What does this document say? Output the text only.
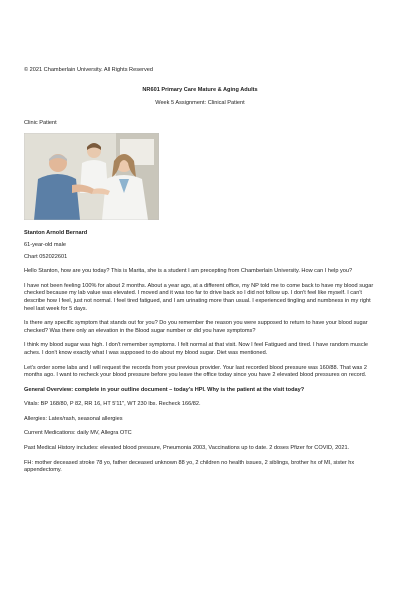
© 2021 Chamberlain University. All Rights Reserved

NR601 Primary Care Mature & Aging Adults

Week 5 Assignment: Clinical Patient

Clinic Patient

Stanton Arnold Bernard

61-year-old male

Chart 052022601

Hello Stanton, how are you today? This is Marita, she is a student I am precepting from Chamberlain University. How can I help you?

I have not been feeling 100% for about 2 months. About a year ago, at a different office, my NP told me to come back to have my blood sugar checked because my lab value was elevated. I moved and it was too far to drive back so I did not follow up. I don't feel like myself. I can't describe how I feel, just not normal. I feel tired fatigued, and I am urinating more than usual. I experienced tingling and numbness in my right heel last week for 5 days.

Is there any specific symptom that stands out for you? Do you remember the reason you were supposed to return to have your blood sugar checked? Was there only an elevation in the Blood sugar number or did you have symptoms?

I think my blood sugar was high. I don't remember symptoms. I felt normal at that visit. Now I feel Fatigued and tired. I have random muscle aches. I don't know exactly what I was supposed to do about my blood sugar. Diet was mentioned.

Let's order some labs and I will request the records from your previous provider. Your last recorded blood pressure was 160/88. That was 2 months ago. I want to recheck your blood pressure before you leave the office today since you have 2 elevated blood pressures on record.

General Overview: complete in your outline document – today's HPI. Why is the patient at the visit today?

Vitals: BP 168/80, P 82, RR 16, HT 5'11", WT 230 lbs. Recheck 166/82.

Allergies: Latex/rash, seasonal allergies

Current Medications: daily MV, Allegra OTC

Past Medical History includes: elevated blood pressure, Pneumonia 2003, Vaccinations up to date. 2 doses Pfizer for COVID, 2021.

FH: mother deceased stroke 78 yo, father deceased unknown 88 yo, 2 children no health issues, 2 siblings, brother hx of MI, sister hx appendectomy.
